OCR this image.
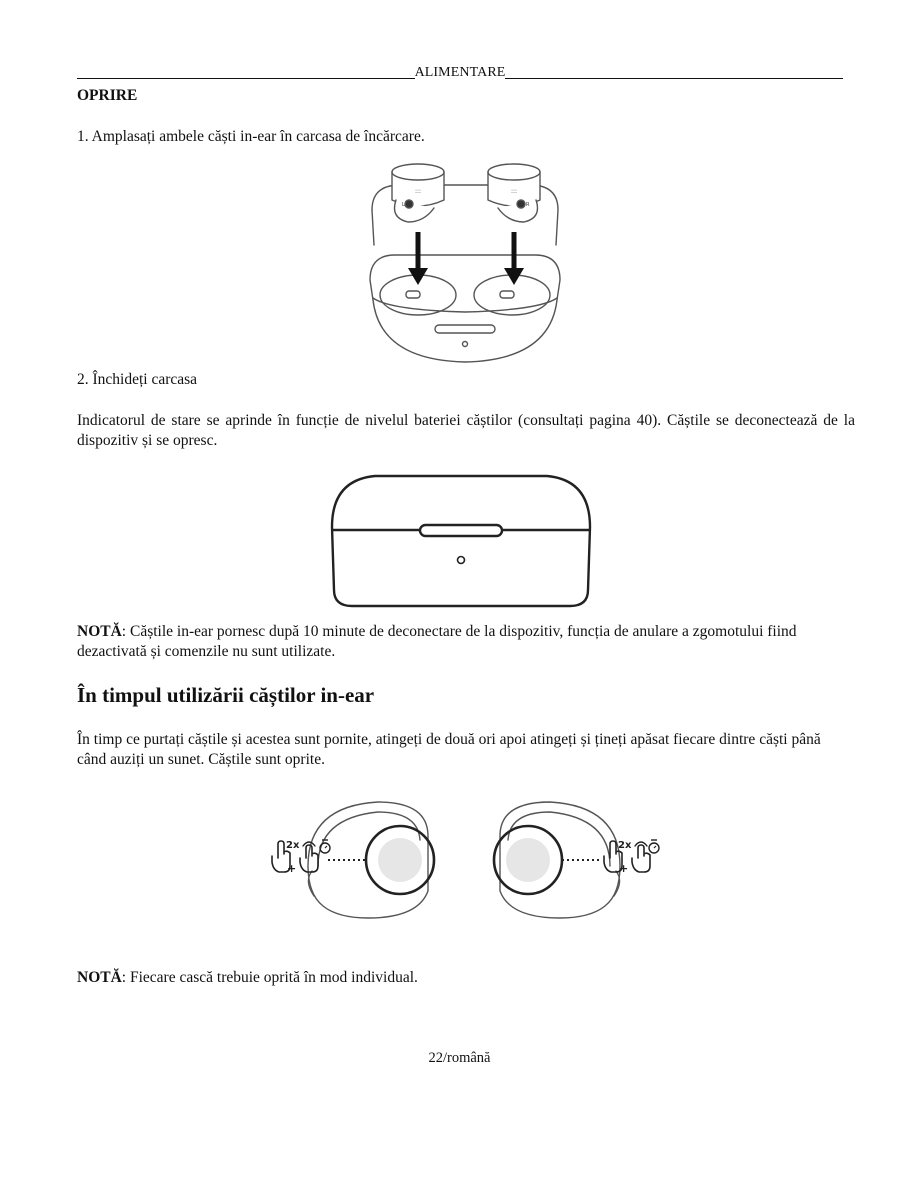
ALIMENTARE
OPRIRE
1. Amplasați ambele căști in-ear în carcasa de încărcare.
:::
L
:::
R
2. Închideți carcasa
Indicatorul de stare se aprinde în funcție de nivelul bateriei căștilor (consultați pagina 40). Căștile se deconectează de la dispozitiv și se opresc.
NOTĂ: Căștile in-ear pornesc după 10 minute de deconectare de la dispozitiv, funcția de anulare a zgomotului fiind dezactivată și comenzile nu sunt utilizate.
În timpul utilizării căștilor in-ear
În timp ce purtați căștile și acestea sunt pornite, atingeți de două ori apoi atingeți și țineți apăsat fiecare dintre căști până când auziți un sunet. Căștile sunt oprite.
2x
+
2x
+
NOTĂ: Fiecare cască trebuie oprită în mod individual.
22/română
